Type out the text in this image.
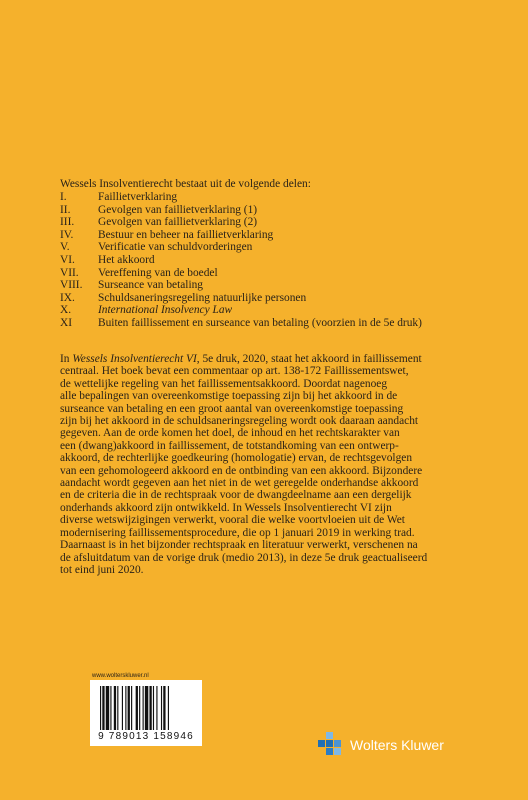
Wessels Insolventierecht bestaat uit de volgende delen:
I.	Faillietverklaring
II.	Gevolgen van faillietverklaring (1)
III.	Gevolgen van faillietverklaring (2)
IV.	Bestuur en beheer na faillietverklaring
V.	Verificatie van schuldvorderingen
VI.	Het akkoord
VII.	Vereffening van de boedel
VIII.	Surseance van betaling
IX.	Schuldsaneringsregeling natuurlijke personen
X.	International Insolvency Law
XI	Buiten faillissement en surseance van betaling (voorzien in de 5e druk)
In Wessels Insolventierecht VI, 5e druk, 2020, staat het akkoord in faillissement
centraal. Het boek bevat een commentaar op art. 138-172 Faillissementswet,
de wettelijke regeling van het faillissementsakkoord. Doordat nagenoeg
alle bepalingen van overeenkomstige toepassing zijn bij het akkoord in de
surseance van betaling en een groot aantal van overeenkomstige toepassing
zijn bij het akkoord in de schuldsaneringsregeling wordt ook daaraan aandacht
gegeven. Aan de orde komen het doel, de inhoud en het rechtskarakter van
een (dwang)akkoord in faillissement, de totstandkoming van een ontwerp-
akkoord, de rechterlijke goedkeuring (homologatie) ervan, de rechtsgevolgen
van een gehomologeerd akkoord en de ontbinding van een akkoord. Bijzondere
aandacht wordt gegeven aan het niet in de wet geregelde onderhandse akkoord
en de criteria die in de rechtspraak voor de dwangdeelname aan een dergelijk
onderhands akkoord zijn ontwikkeld. In Wessels Insolventierecht VI zijn
diverse wetswijzigingen verwerkt, vooral die welke voortvloeien uit de Wet
modernisering faillissementsprocedure, die op 1 januari 2019 in werking trad.
Daarnaast is in het bijzonder rechtspraak en literatuur verwerkt, verschenen na
de afsluitdatum van de vorige druk (medio 2013), in deze 5e druk geactualiseerd
tot eind juni 2020.
www.wolterskluwer.nl
9 789013 158946
Wolters Kluwer
